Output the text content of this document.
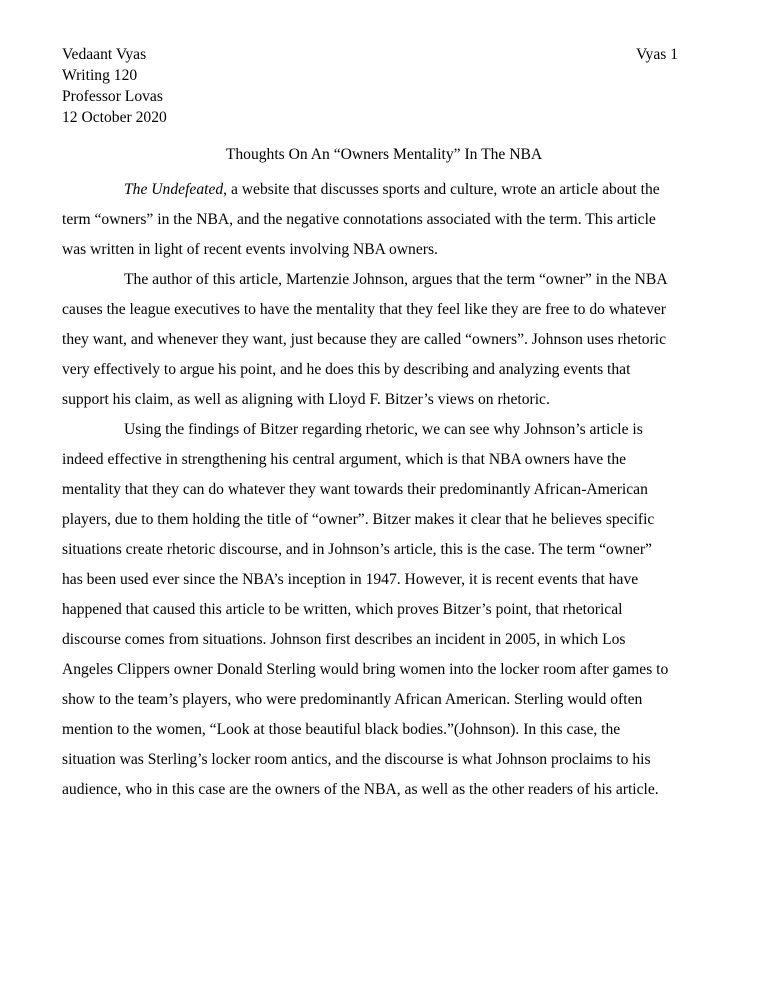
Vedaant Vyas
Writing 120
Professor Lovas
12 October 2020
Vyas 1
Thoughts On An “Owners Mentality” In The NBA

The Undefeated, a website that discusses sports and culture, wrote an article about the
term “owners” in the NBA, and the negative connotations associated with the term. This article
was written in light of recent events involving NBA owners.

The author of this article, Martenzie Johnson, argues that the term “owner” in the NBA
causes the league executives to have the mentality that they feel like they are free to do whatever
they want, and whenever they want, just because they are called “owners”. Johnson uses rhetoric
very effectively to argue his point, and he does this by describing and analyzing events that
support his claim, as well as aligning with Lloyd F. Bitzer’s views on rhetoric.

Using the findings of Bitzer regarding rhetoric, we can see why Johnson’s article is
indeed effective in strengthening his central argument, which is that NBA owners have the
mentality that they can do whatever they want towards their predominantly African-American
players, due to them holding the title of “owner”. Bitzer makes it clear that he believes specific
situations create rhetoric discourse, and in Johnson’s article, this is the case. The term “owner”
has been used ever since the NBA’s inception in 1947. However, it is recent events that have
happened that caused this article to be written, which proves Bitzer’s point, that rhetorical
discourse comes from situations. Johnson first describes an incident in 2005, in which Los
Angeles Clippers owner Donald Sterling would bring women into the locker room after games to
show to the team’s players, who were predominantly African American. Sterling would often
mention to the women, “Look at those beautiful black bodies.”(Johnson). In this case, the
situation was Sterling’s locker room antics, and the discourse is what Johnson proclaims to his
audience, who in this case are the owners of the NBA, as well as the other readers of his article.
